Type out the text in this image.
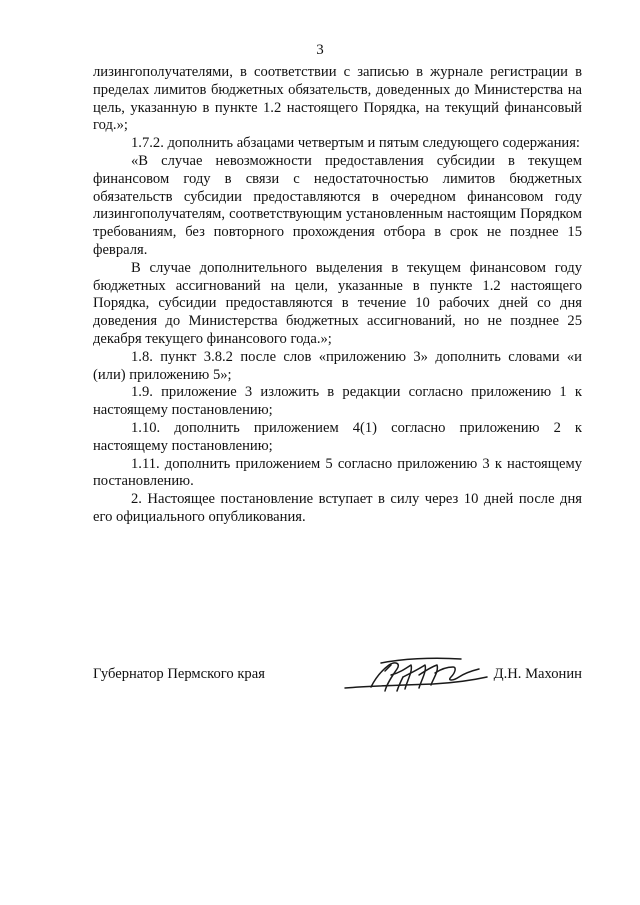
3

лизингополучателями, в соответствии с записью в журнале регистрации в пределах лимитов бюджетных обязательств, доведенных до Министерства на цель, указанную в пункте 1.2 настоящего Порядка, на текущий финансовый год.»;

1.7.2. дополнить абзацами четвертым и пятым следующего содержания:

«В случае невозможности предоставления субсидии в текущем финансовом году в связи с недостаточностью лимитов бюджетных обязательств субсидии предоставляются в очередном финансовом году лизингополучателям, соответствующим установленным настоящим Порядком требованиям, без повторного прохождения отбора в срок не позднее 15 февраля.

В случае дополнительного выделения в текущем финансовом году бюджетных ассигнований на цели, указанные в пункте 1.2 настоящего Порядка, субсидии предоставляются в течение 10 рабочих дней со дня доведения до Министерства бюджетных ассигнований, но не позднее 25 декабря текущего финансового года.»;

1.8. пункт 3.8.2 после слов «приложению 3» дополнить словами «и (или) приложению 5»;

1.9. приложение 3 изложить в редакции согласно приложению 1 к настоящему постановлению;

1.10. дополнить приложением 4(1) согласно приложению 2 к настоящему постановлению;

1.11. дополнить приложением 5 согласно приложению 3 к настоящему постановлению.

2. Настоящее постановление вступает в силу через 10 дней после дня его официального опубликования.

Губернатор Пермского края	Д.Н. Махонин
